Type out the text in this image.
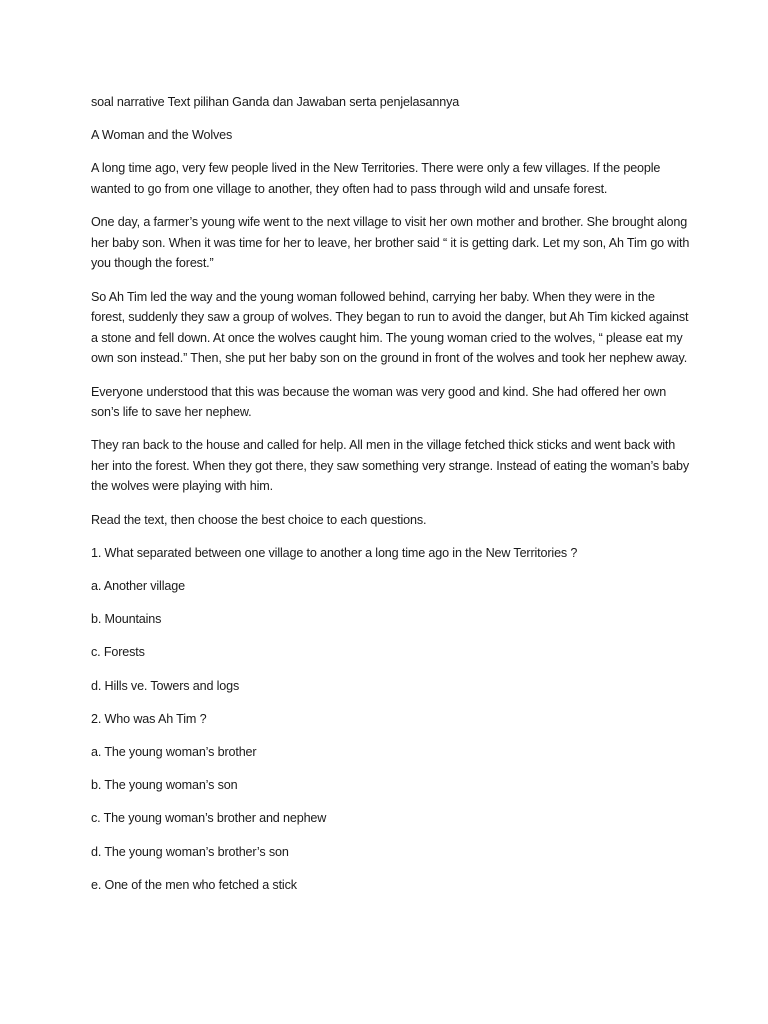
soal narrative Text pilihan Ganda dan Jawaban serta penjelasannya

A Woman and the Wolves

A long time ago, very few people lived in the New Territories. There were only a few villages. If the people wanted to go from one village to another, they often had to pass through wild and unsafe forest.

One day, a farmer’s young wife went to the next village to visit her own mother and brother. She brought along her baby son. When it was time for her to leave, her brother said “ it is getting dark. Let my son, Ah Tim go with you though the forest.”

So Ah Tim led the way and the young woman followed behind, carrying her baby. When they were in the forest, suddenly they saw a group of wolves. They began to run to avoid the danger, but Ah Tim kicked against a stone and fell down. At once the wolves caught him. The young woman cried to the wolves, “ please eat my own son instead.” Then, she put her baby son on the ground in front of the wolves and took her nephew away.

Everyone understood that this was because the woman was very good and kind. She had offered her own son’s life to save her nephew.

They ran back to the house and called for help. All men in the village fetched thick sticks and went back with her into the forest. When they got there, they saw something very strange. Instead of eating the woman’s baby the wolves were playing with him.

Read the text, then choose the best choice to each questions.

1. What separated between one village to another a long time ago in the New Territories ?

a. Another village

b. Mountains

c. Forests

d. Hills ve. Towers and logs

2. Who was Ah Tim ?

a. The young woman’s brother

b. The young woman’s son

c. The young woman’s brother and nephew

d. The young woman’s brother’s son

e. One of the men who fetched a stick
